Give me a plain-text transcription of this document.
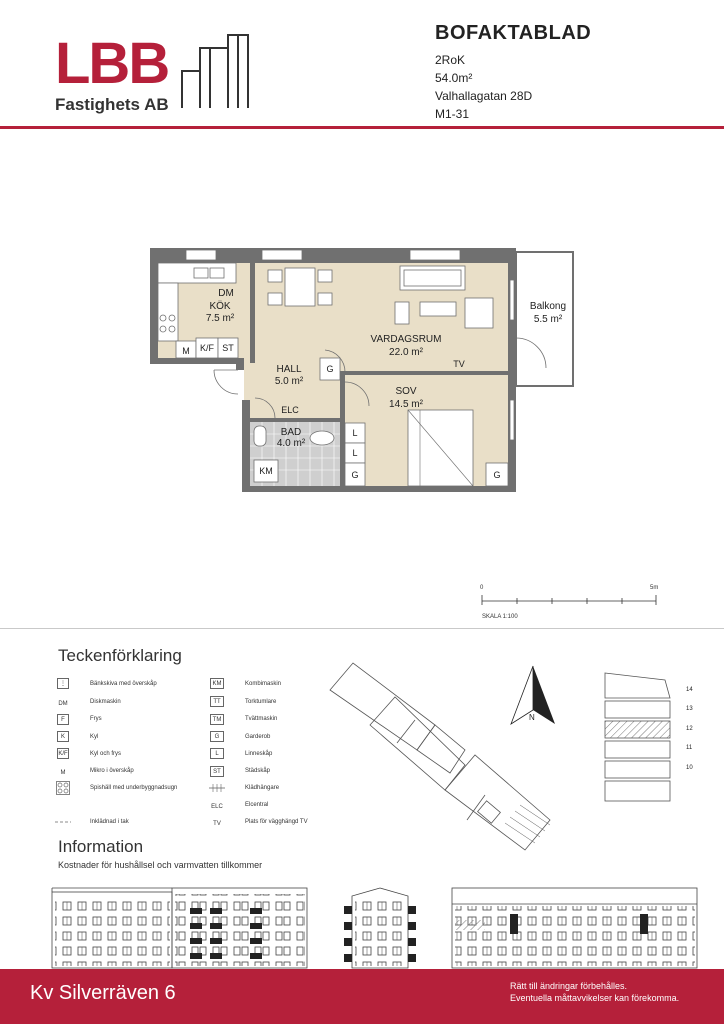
LBB
Fastighets AB
BOFAKTABLAD
2RoK
54.0m²
Valhallagatan 28D
M1-31
DM
KÖK
7.5 m²
VARDAGSRUM
22.0 m²
HALL
5.0 m²
SOV
14.5 m²
BAD
4.0 m²
Balkong
5.5 m²
M K/F ST
G
L
L
G	G
TV
ELC
KM
0	5m
SKALA 1:100
Teckenförklaring
⋮	Bänkskiva med överskåp
DM	Diskmaskin
F	Frys
K	Kyl
K/F	Kyl och frys
M	Mikro i överskåp
Spishäll med underbyggnadsugn
Inklädnad i tak
KM	Kombimaskin
TT	Torktumlare
TM	Tvättmaskin
G	Garderob
L	Linneskåp
ST	Städskåp
Klädhängare
ELC	Elcentral
TV	Plats för vägghängd TV
N
14
13
12
11
10
Information
Kostnader för hushållsel och varmvatten tillkommer
Kv Silverräven 6	Rätt till ändringar förbehålles.
Eventuella måttavvikelser kan förekomma.
